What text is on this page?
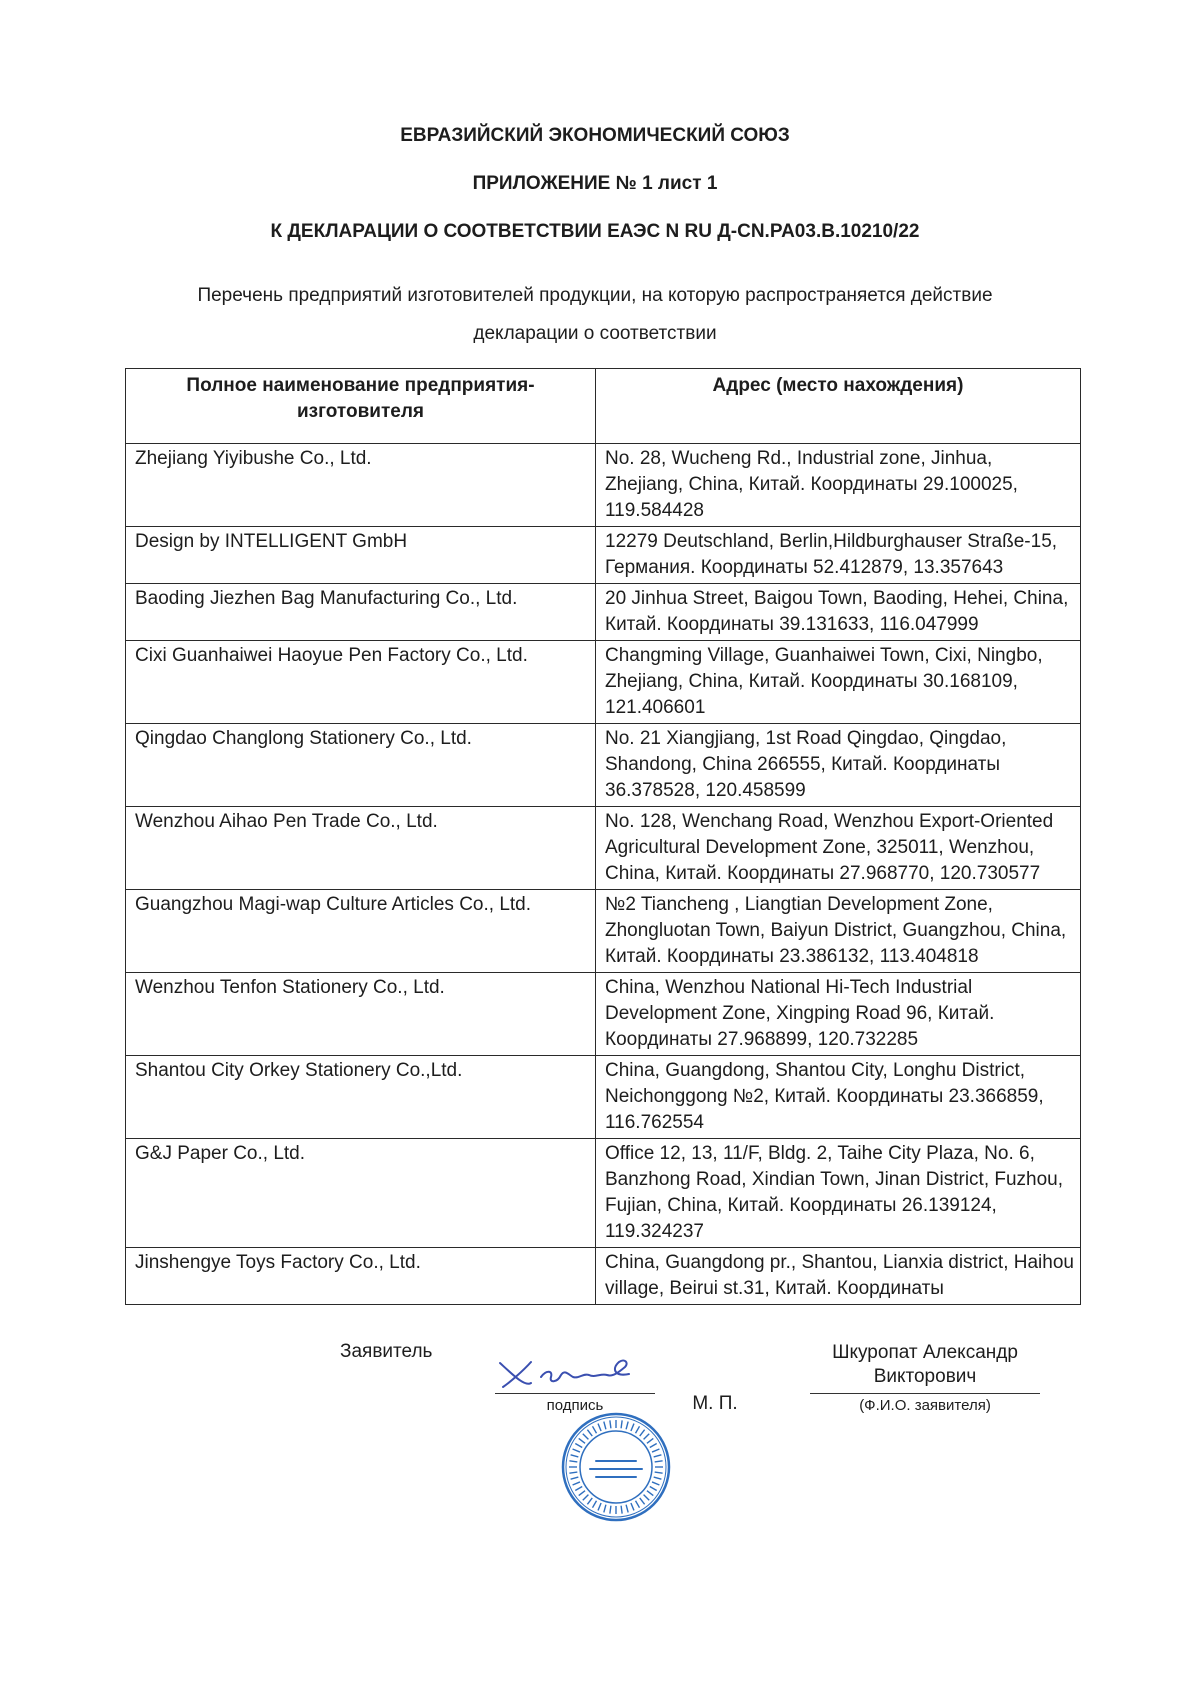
ЕВРАЗИЙСКИЙ ЭКОНОМИЧЕСКИЙ СОЮЗ
ПРИЛОЖЕНИЕ № 1 лист 1
К ДЕКЛАРАЦИИ О СООТВЕТСТВИИ ЕАЭС N RU Д-CN.PA03.B.10210/22
Перечень предприятий изготовителей продукции, на которую распространяется действие
декларации о соответствии
Полное наименование предприятия-изготовителя	Адрес (место нахождения)
Zhejiang Yiyibushe Co., Ltd.	No. 28, Wucheng Rd., Industrial zone, Jinhua, Zhejiang, China, Китай. Координаты 29.100025, 119.584428
Design by INTELLIGENT GmbH	12279 Deutschland, Berlin,Hildburghauser Straße-15, Германия. Координаты 52.412879, 13.357643
Baoding Jiezhen Bag Manufacturing Co., Ltd.	20 Jinhua Street, Baigou Town, Baoding, Hehei, China, Китай. Координаты 39.131633, 116.047999
Cixi Guanhaiwei Haoyue Pen Factory Co., Ltd.	Changming Village, Guanhaiwei Town, Cixi, Ningbo, Zhejiang, China, Китай. Координаты 30.168109, 121.406601
Qingdao Changlong Stationery Co., Ltd.	No. 21 Xiangjiang, 1st Road Qingdao, Qingdao, Shandong, China 266555, Китай. Координаты 36.378528, 120.458599
Wenzhou Aihao Pen Trade Co., Ltd.	No. 128, Wenchang Road, Wenzhou Export-Oriented Agricultural Development Zone, 325011, Wenzhou, China, Китай. Координаты 27.968770, 120.730577
Guangzhou Magi-wap Culture Articles Co., Ltd.	№2 Tiancheng , Liangtian Development Zone, Zhongluotan Town, Baiyun District, Guangzhou, China, Китай. Координаты 23.386132, 113.404818
Wenzhou Tenfon Stationery Co., Ltd.	China, Wenzhou National Hi-Tech Industrial Development Zone, Xingping Road 96, Китай. Координаты 27.968899, 120.732285
Shantou City Orkey Stationery Co.,Ltd.	China, Guangdong, Shantou City, Longhu District, Neichonggong №2, Китай. Координаты 23.366859, 116.762554
G&J Paper Co., Ltd.	Office 12, 13, 11/F, Bldg. 2, Taihe City Plaza, No. 6, Banzhong Road, Xindian Town, Jinan District, Fuzhou, Fujian, China, Китай. Координаты 26.139124, 119.324237
Jinshengye Toys Factory Co., Ltd.	China, Guangdong pr., Shantou, Lianxia district, Haihou village, Beirui st.31, Китай. Координаты
Заявитель
подпись	М. П.
Шкуропат Александр
Викторович
(Ф.И.О. заявителя)
